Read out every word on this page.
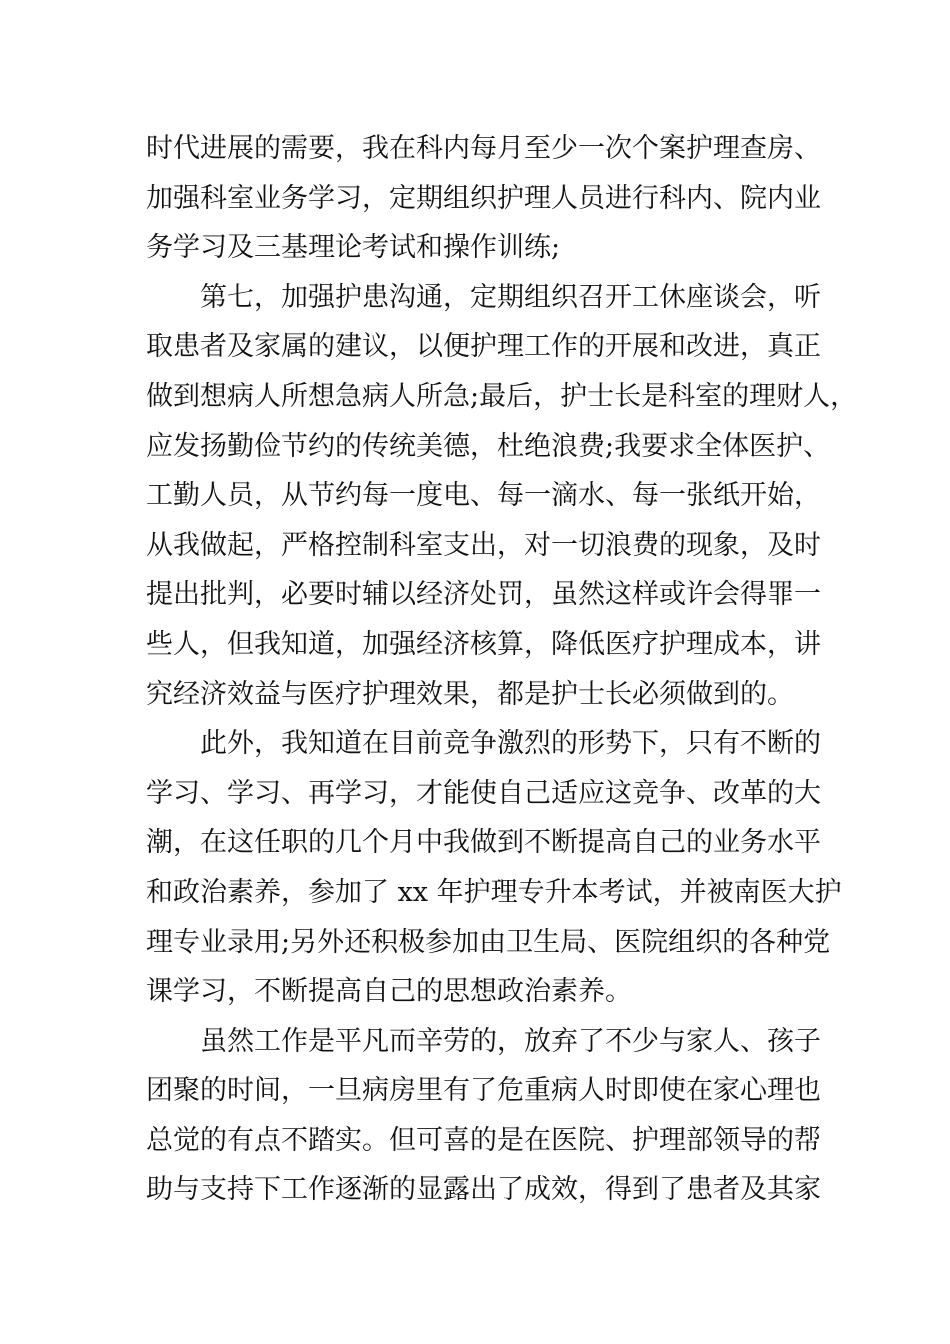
时代进展的需要，我在科内每月至少一次个案护理查房、
加强科室业务学习，定期组织护理人员进行科内、院内业
务学习及三基理论考试和操作训练;
第七，加强护患沟通，定期组织召开工休座谈会，听
取患者及家属的建议，以便护理工作的开展和改进，真正
做到想病人所想急病人所急;最后，护士长是科室的理财人，
应发扬勤俭节约的传统美德，杜绝浪费;我要求全体医护、
工勤人员，从节约每一度电、每一滴水、每一张纸开始，
从我做起，严格控制科室支出，对一切浪费的现象，及时
提出批判，必要时辅以经济处罚，虽然这样或许会得罪一
些人，但我知道，加强经济核算，降低医疗护理成本，讲
究经济效益与医疗护理效果，都是护士长必须做到的。
此外，我知道在目前竞争激烈的形势下，只有不断的
学习、学习、再学习，才能使自己适应这竞争、改革的大
潮，在这任职的几个月中我做到不断提高自己的业务水平
和政治素养，参加了 xx 年护理专升本考试，并被南医大护
理专业录用;另外还积极参加由卫生局、医院组织的各种党
课学习，不断提高自己的思想政治素养。
虽然工作是平凡而辛劳的，放弃了不少与家人、孩子
团聚的时间，一旦病房里有了危重病人时即使在家心理也
总觉的有点不踏实。但可喜的是在医院、护理部领导的帮
助与支持下工作逐渐的显露出了成效，得到了患者及其家
